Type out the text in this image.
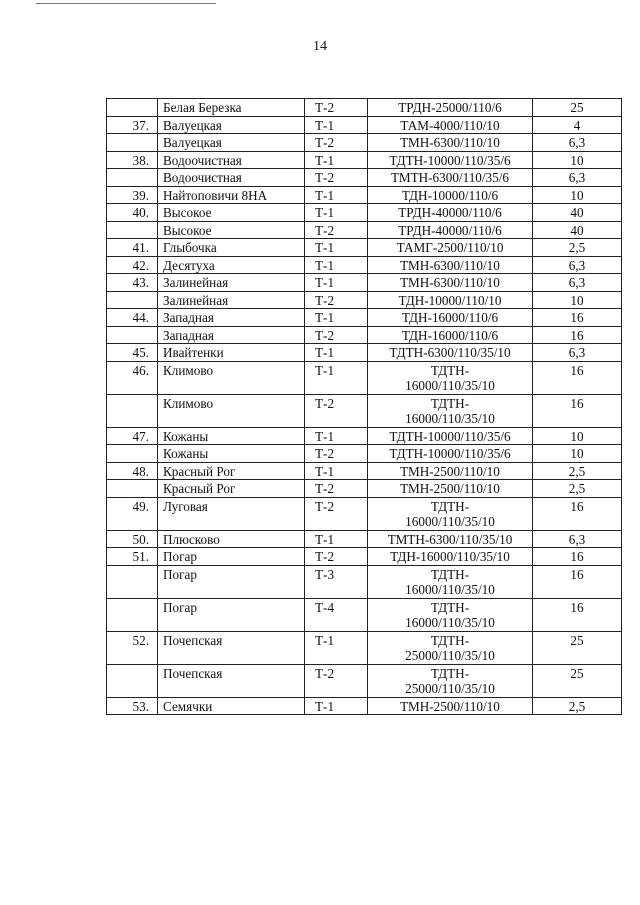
14
	Белая Березка	Т-2	ТРДН-25000/110/6	25
37.	Валуецкая	Т-1	ТАМ-4000/110/10	4
	Валуецкая	Т-2	ТМН-6300/110/10	6,3
38.	Водоочистная	Т-1	ТДТН-10000/110/35/6	10
	Водоочистная	Т-2	ТМТН-6300/110/35/6	6,3
39.	Найтоповичи 8НА	Т-1	ТДН-10000/110/6	10
40.	Высокое	Т-1	ТРДН-40000/110/6	40
	Высокое	Т-2	ТРДН-40000/110/6	40
41.	Глыбочка	Т-1	ТАМГ-2500/110/10	2,5
42.	Десятуха	Т-1	ТМН-6300/110/10	6,3
43.	Залинейная	Т-1	ТМН-6300/110/10	6,3
	Залинейная	Т-2	ТДН-10000/110/10	10
44.	Западная	Т-1	ТДН-16000/110/6	16
	Западная	Т-2	ТДН-16000/110/6	16
45.	Ивайтенки	Т-1	ТДТН-6300/110/35/10	6,3
46.	Климово	Т-1	ТДТН-
16000/110/35/10	16
	Климово	Т-2	ТДТН-
16000/110/35/10	16
47.	Кожаны	Т-1	ТДТН-10000/110/35/6	10
	Кожаны	Т-2	ТДТН-10000/110/35/6	10
48.	Красный Рог	Т-1	ТМН-2500/110/10	2,5
	Красный Рог	Т-2	ТМН-2500/110/10	2,5
49.	Луговая	Т-2	ТДТН-
16000/110/35/10	16
50.	Плюсково	Т-1	ТМТН-6300/110/35/10	6,3
51.	Погар	Т-2	ТДН-16000/110/35/10	16
	Погар	Т-3	ТДТН-
16000/110/35/10	16
	Погар	Т-4	ТДТН-
16000/110/35/10	16
52.	Почепская	Т-1	ТДТН-
25000/110/35/10	25
	Почепская	Т-2	ТДТН-
25000/110/35/10	25
53.	Семячки	Т-1	ТМН-2500/110/10	2,5
